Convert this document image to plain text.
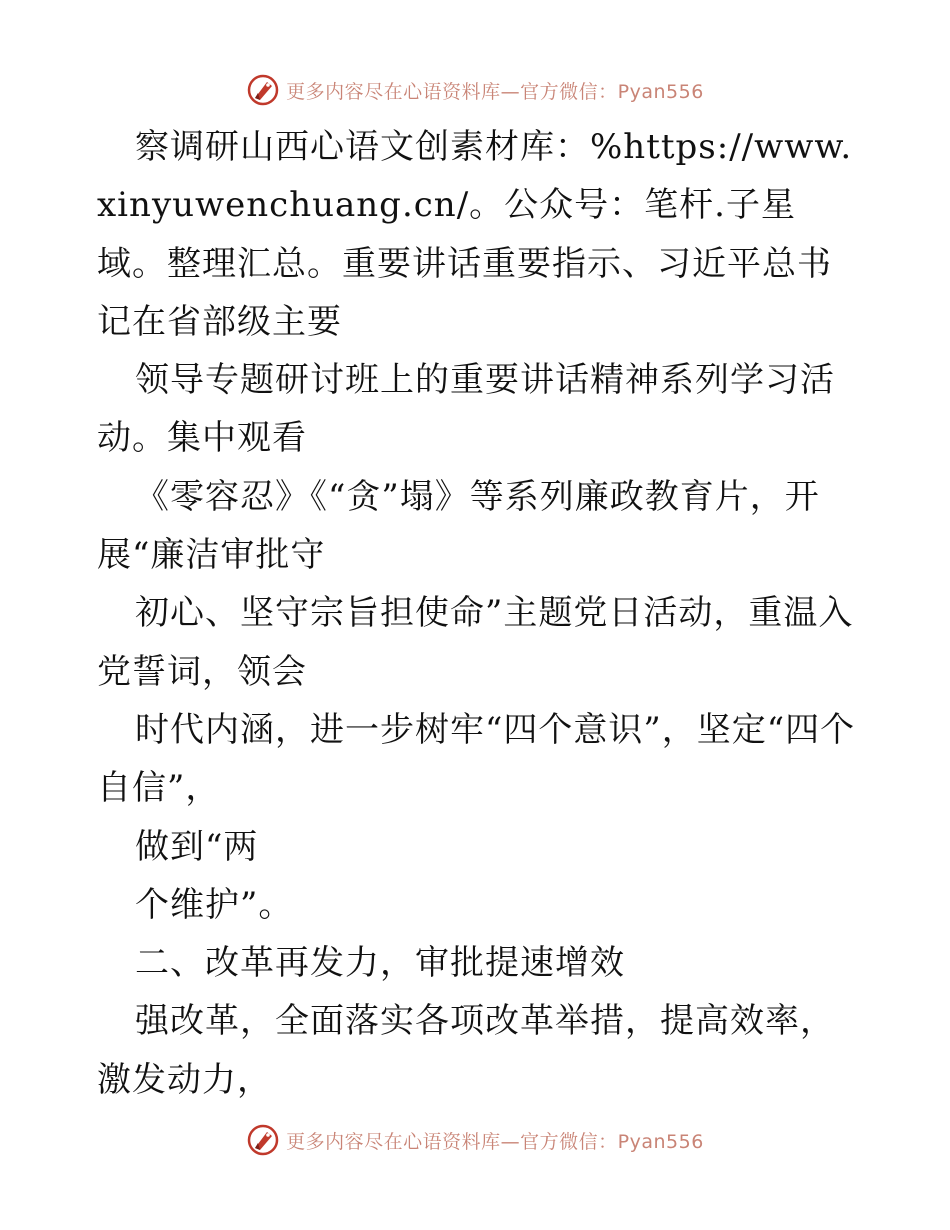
更多内容尽在心语资料库—官方微信：Pyan556

察调研山西心语文创素材库：%https://www.xinyuwenchuang.cn/。公众号：笔杆.子星域。整理汇总。重要讲话重要指示、习近平总书记在省部级主要

领导专题研讨班上的重要讲话精神系列学习活动。集中观看

《零容忍》《“贪”塌》等系列廉政教育片，开展“廉洁审批守

初心、坚守宗旨担使命”主题党日活动，重温入党誓词，领会

时代内涵，进一步树牢“四个意识”，坚定“四个自信”，

做到“两

个维护”。

二、改革再发力，审批提速增效

强改革，全面落实各项改革举措，提高效率，激发动力，

更多内容尽在心语资料库—官方微信：Pyan556
